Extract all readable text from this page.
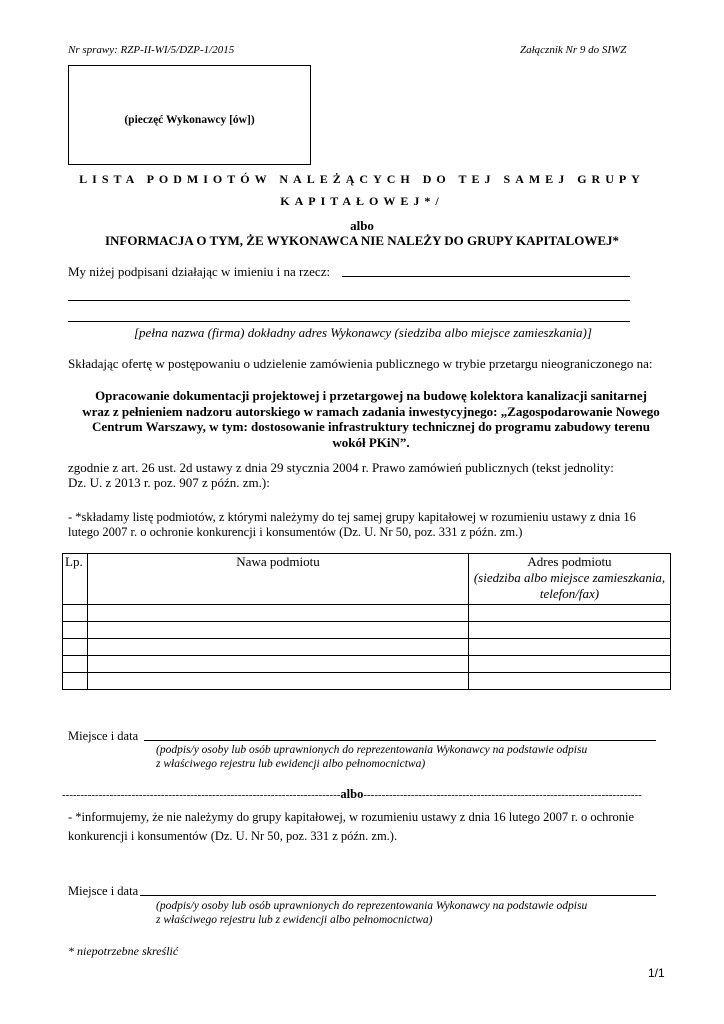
Nr sprawy: RZP-II-WI/5/DZP-1/2015	Załącznik Nr 9 do SIWZ
(pieczęć Wykonawcy [ów])
LISTA PODMIOTÓW NALEŻĄCYCH DO TEJ SAMEJ GRUPY
KAPITAŁOWEJ*/
albo
INFORMACJA O TYM, ŻE WYKONAWCA NIE NALEŻY DO GRUPY KAPITALOWEJ*
My niżej podpisani działając w imieniu i na rzecz:
[pełna nazwa (firma) dokładny adres Wykonawcy (siedziba albo miejsce zamieszkania)]
Składając ofertę w postępowaniu o udzielenie zamówienia publicznego w trybie przetargu nieograniczonego na:
Opracowanie dokumentacji projektowej i przetargowej na budowę kolektora kanalizacji sanitarnej
wraz z pełnieniem nadzoru autorskiego w ramach zadania inwestycyjnego: „Zagospodarowanie Nowego
Centrum Warszawy, w tym: dostosowanie infrastruktury technicznej do programu zabudowy terenu
wokół PKiN”.
zgodnie z art. 26 ust. 2d ustawy z dnia 29 stycznia 2004 r. Prawo zamówień publicznych (tekst jednolity:
Dz. U. z 2013 r. poz. 907 z późn. zm.):
- *składamy listę podmiotów, z którymi należymy do tej samej grupy kapitałowej w rozumieniu ustawy z dnia 16
lutego 2007 r. o ochronie konkurencji i konsumentów (Dz. U. Nr 50, poz. 331 z późn. zm.)
Lp.	Nawa podmiotu	Adres podmiotu
(siedziba albo miejsce zamieszkania,
telefon/fax)

Miejsce i data
(podpis/y osoby lub osób uprawnionych do reprezentowania Wykonawcy na podstawie odpisu
z właściwego rejestru lub ewidencji albo pełnomocnictwa)
----------------------------------------------------------------------------albo----------------------------------------------------------------------------
- *informujemy, że nie należymy do grupy kapitałowej, w rozumieniu ustawy z dnia 16 lutego 2007 r. o ochronie
konkurencji i konsumentów (Dz. U. Nr 50, poz. 331 z późn. zm.).
Miejsce i data
(podpis/y osoby lub osób uprawnionych do reprezentowania Wykonawcy na podstawie odpisu
z właściwego rejestru lub z ewidencji albo pełnomocnictwa)
* niepotrzebne skreślić
1/1
